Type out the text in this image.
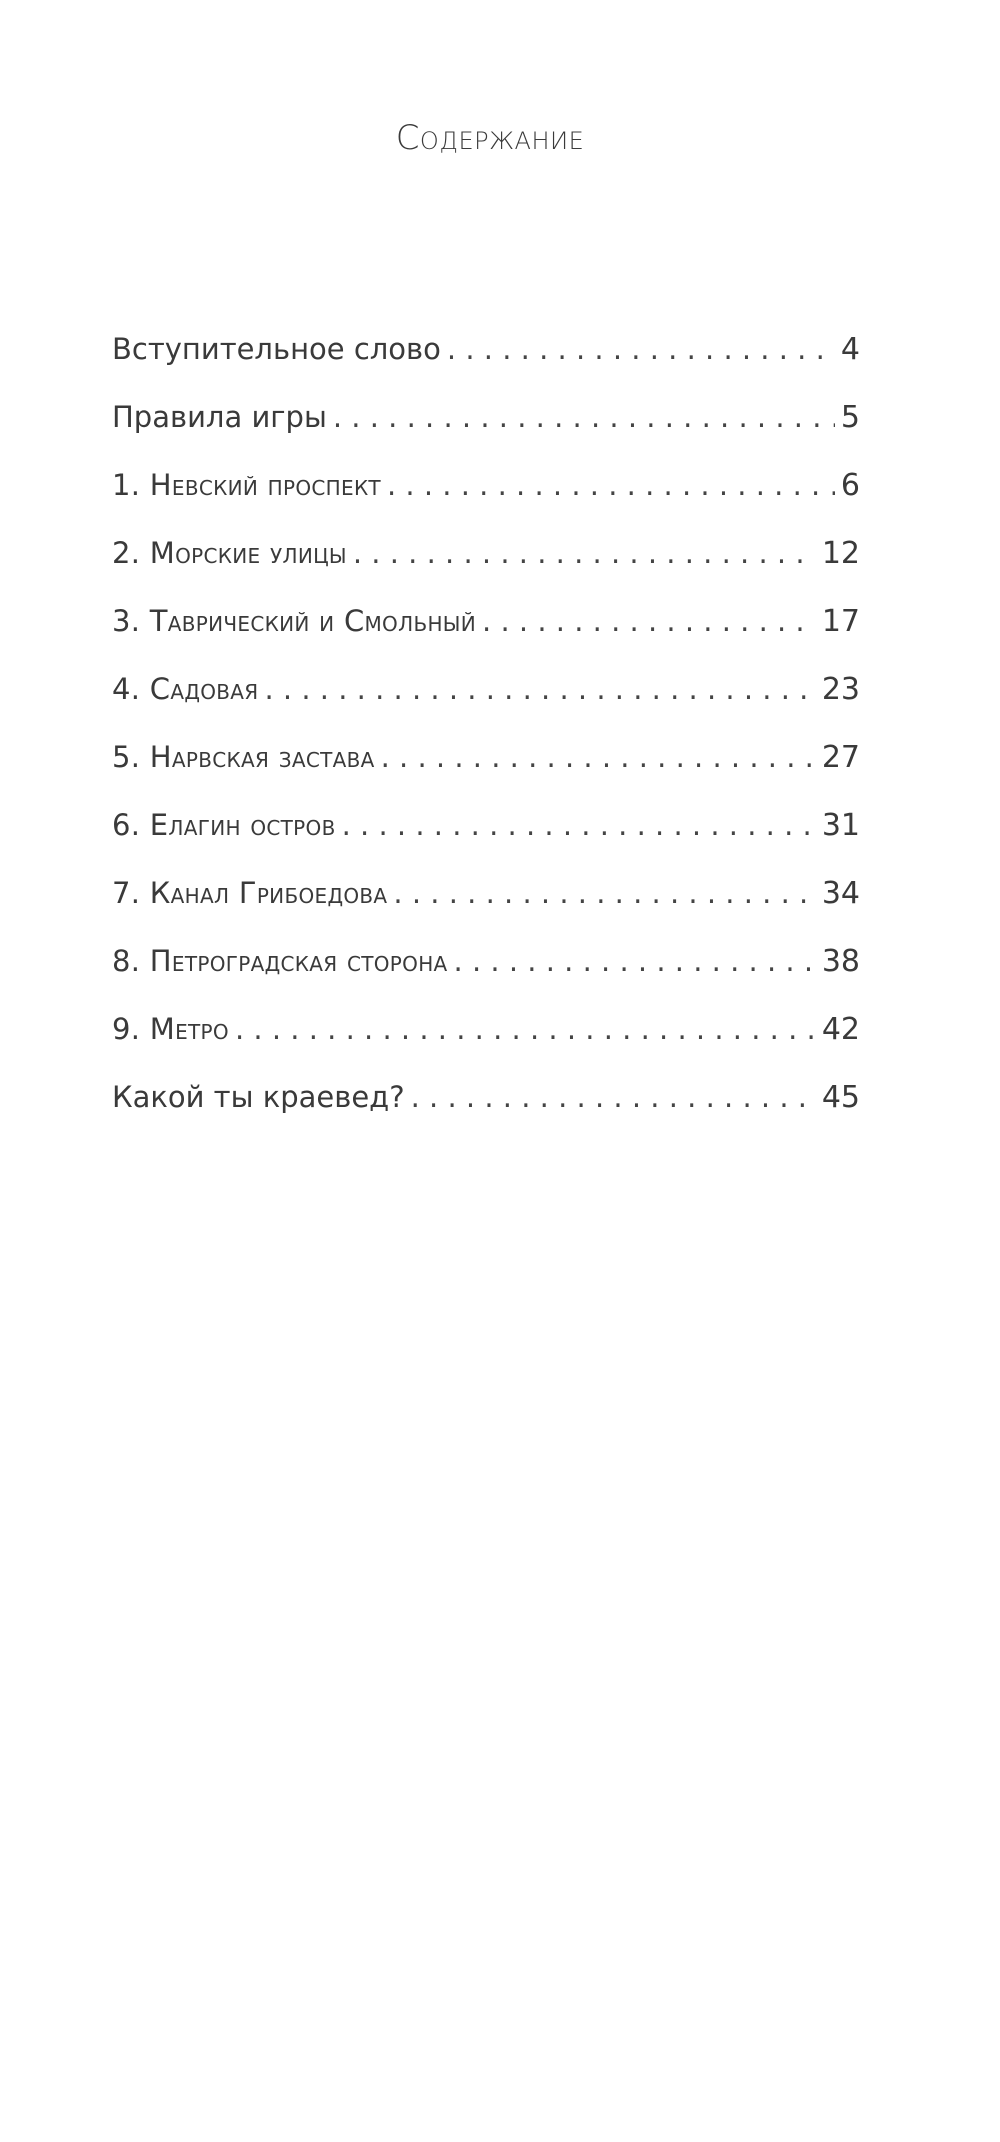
Содержание
Вступительное слово . . .	4
Правила игры . . .	5
1. Невский проспект . . .	6
2. Морские улицы . . .	12
3. Таврический и Смольный . . .	17
4. Садовая . . .	23
5. Нарвская застава . . .	27
6. Елагин остров . . .	31
7. Канал Грибоедова . . .	34
8. Петроградская сторона . . .	38
9. Метро . . .	42
Какой ты краевед? . . .	45
